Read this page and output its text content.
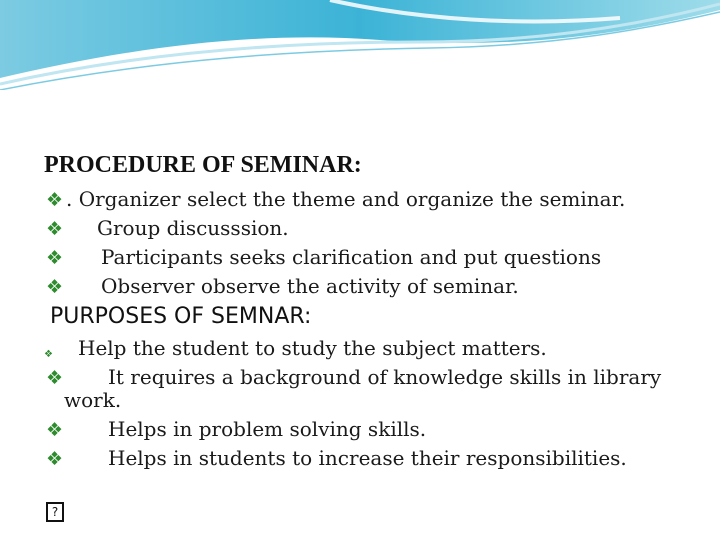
PROCEDURE OF SEMINAR:
❖ . Organizer select the theme and organize the seminar.
❖ Group discusssion.
❖ Participants seeks clarification and put questions
❖ Observer observe the activity of seminar.
PURPOSES OF SEMNAR:
❖ Help the student to study the subject matters.
❖ It requires a background of knowledge skills in library
work.
❖ Helps in problem solving skills.
❖ Helps in students to increase their responsibilities.
?
